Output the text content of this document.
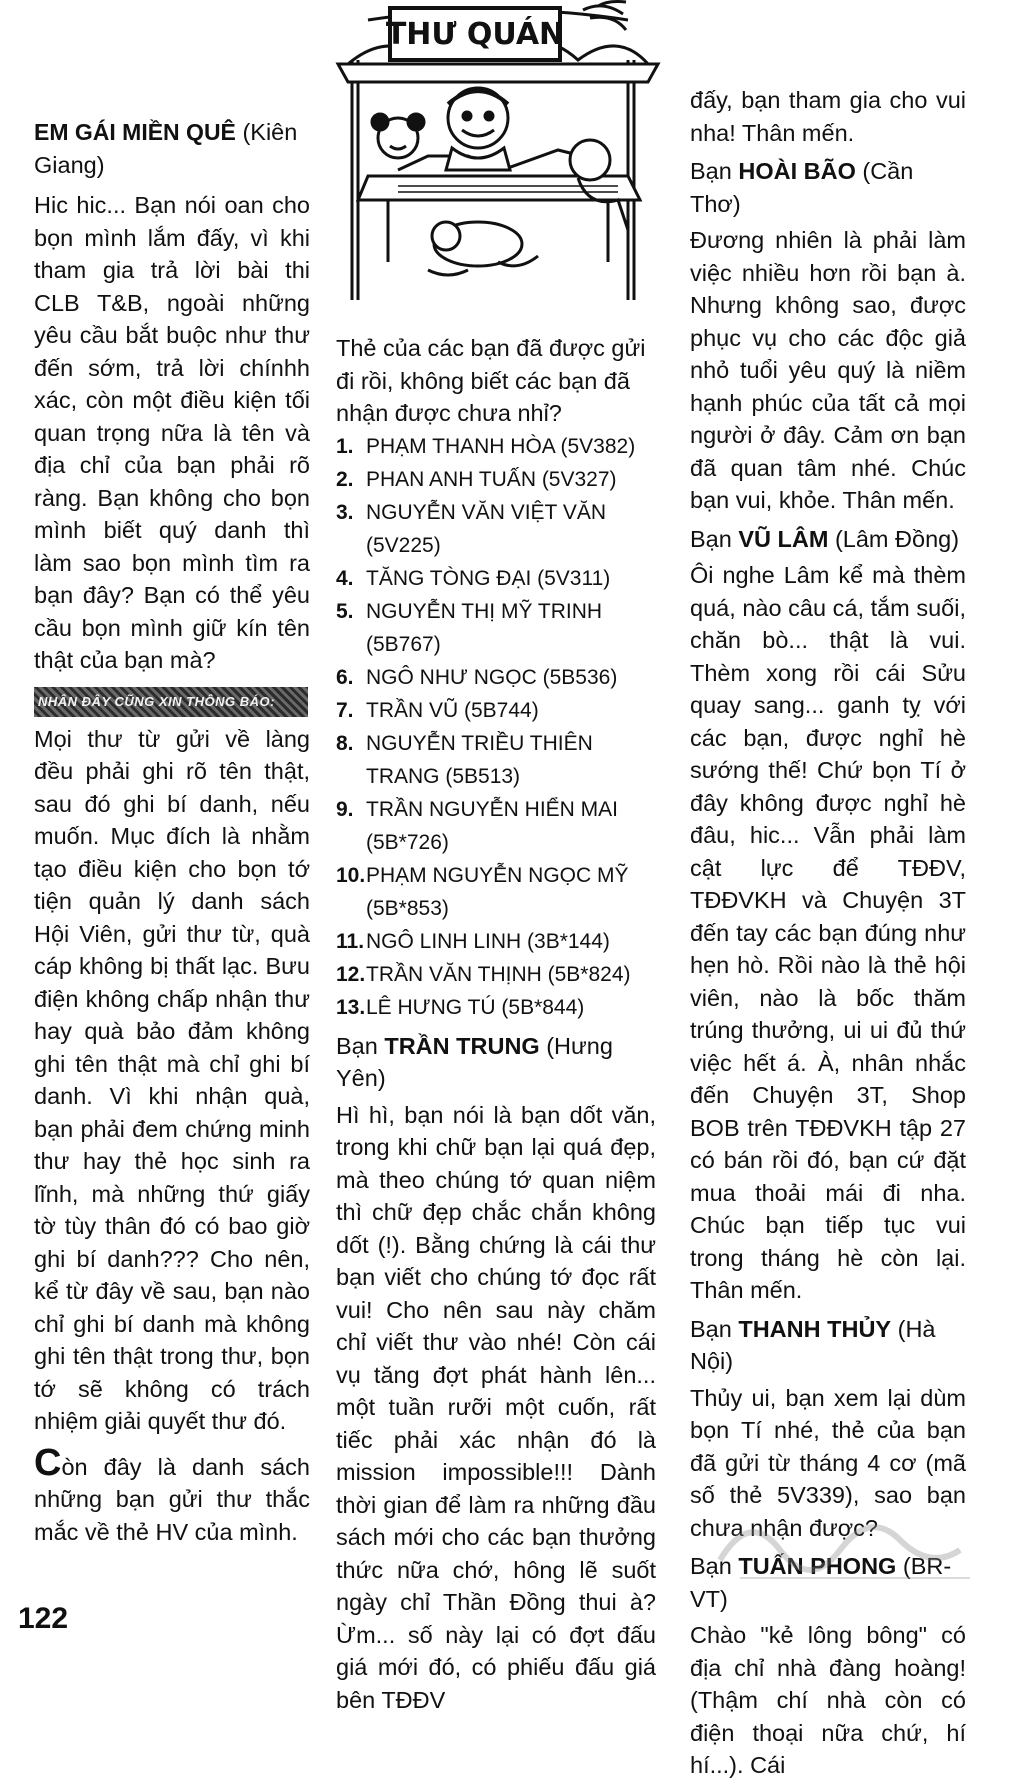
THƯ QUÁN

EM GÁI MIỀN QUÊ (Kiên Giang)

Hic hic... Bạn nói oan cho bọn mình lắm đấy, vì khi tham gia trả lời bài thi CLB T&B, ngoài những yêu cầu bắt buộc như thư đến sớm, trả lời chínhh xác, còn một điều kiện tối quan trọng nữa là tên và địa chỉ của bạn phải rõ ràng. Bạn không cho bọn mình biết quý danh thì làm sao bọn mình tìm ra bạn đây? Bạn có thể yêu cầu bọn mình giữ kín tên thật của bạn mà?

NHÂN ĐÂY CŨNG XIN THÔNG BÁO:

Mọi thư từ gửi về làng đều phải ghi rõ tên thật, sau đó ghi bí danh, nếu muốn. Mục đích là nhằm tạo điều kiện cho bọn tớ tiện quản lý danh sách Hội Viên, gửi thư từ, quà cáp không bị thất lạc. Bưu điện không chấp nhận thư hay quà bảo đảm không ghi tên thật mà chỉ ghi bí danh. Vì khi nhận quà, bạn phải đem chứng minh thư hay thẻ học sinh ra lĩnh, mà những thứ giấy tờ tùy thân đó có bao giờ ghi bí danh??? Cho nên, kể từ đây về sau, bạn nào chỉ ghi bí danh mà không ghi tên thật trong thư, bọn tớ sẽ không có trách nhiệm giải quyết thư đó.

Còn đây là danh sách những bạn gửi thư thắc mắc về thẻ HV của mình.

Thẻ của các bạn đã được gửi đi rồi, không biết các bạn đã nhận được chưa nhỉ?

1. PHẠM THANH HÒA (5V382)
2. PHAN ANH TUẤN (5V327)
3. NGUYỄN VĂN VIỆT VĂN (5V225)
4. TĂNG TÒNG ĐẠI (5V311)
5. NGUYỄN THỊ MỸ TRINH (5B767)
6. NGÔ NHƯ NGỌC (5B536)
7. TRẦN VŨ (5B744)
8. NGUYỄN TRIỀU THIÊN TRANG (5B513)
9. TRẦN NGUYỄN HIỂN MAI (5B*726)
10. PHẠM NGUYỄN NGỌC MỸ (5B*853)
11. NGÔ LINH LINH (3B*144)
12. TRẦN VĂN THỊNH (5B*824)
13. LÊ HƯNG TÚ (5B*844)

Bạn TRẦN TRUNG (Hưng Yên)

Hì hì, bạn nói là bạn dốt văn, trong khi chữ bạn lại quá đẹp, mà theo chúng tớ quan niệm thì chữ đẹp chắc chắn không dốt (!). Bằng chứng là cái thư bạn viết cho chúng tớ đọc rất vui! Cho nên sau này chăm chỉ viết thư vào nhé! Còn cái vụ tăng đợt phát hành lên... một tuần rưỡi một cuốn, rất tiếc phải xác nhận đó là mission impossible!!! Dành thời gian để làm ra những đầu sách mới cho các bạn thưởng thức nữa chớ, hông lẽ suốt ngày chỉ Thần Đồng thui à? Ừm... số này lại có đợt đấu giá mới đó, có phiếu đấu giá bên TĐĐV

đấy, bạn tham gia cho vui nha! Thân mến.

Bạn HOÀI BÃO (Cần Thơ)

Đương nhiên là phải làm việc nhiều hơn rồi bạn à. Nhưng không sao, được phục vụ cho các độc giả nhỏ tuổi yêu quý là niềm hạnh phúc của tất cả mọi người ở đây. Cảm ơn bạn đã quan tâm nhé. Chúc bạn vui, khỏe. Thân mến.

Bạn VŨ LÂM (Lâm Đồng)

Ôi nghe Lâm kể mà thèm quá, nào câu cá, tắm suối, chăn bò... thật là vui. Thèm xong rồi cái Sửu quay sang... ganh tỵ với các bạn, được nghỉ hè sướng thế! Chứ bọn Tí ở đây không được nghỉ hè đâu, hic... Vẫn phải làm cật lực để TĐĐV, TĐĐVKH và Chuyện 3T đến tay các bạn đúng như hẹn hò. Rồi nào là thẻ hội viên, nào là bốc thăm trúng thưởng, ui ui đủ thứ việc hết á. À, nhân nhắc đến Chuyện 3T, Shop BOB trên TĐĐVKH tập 27 có bán rồi đó, bạn cứ đặt mua thoải mái đi nha. Chúc bạn tiếp tục vui trong tháng hè còn lại. Thân mến.

Bạn THANH THỦY (Hà Nội)

Thủy ui, bạn xem lại dùm bọn Tí nhé, thẻ của bạn đã gửi từ tháng 4 cơ (mã số thẻ 5V339), sao bạn chưa nhận được?

Bạn TUẤN PHONG (BR-VT)

Chào "kẻ lông bông" có địa chỉ nhà đàng hoàng! (Thậm chí nhà còn có điện thoại nữa chứ, hí hí...). Cái

122
